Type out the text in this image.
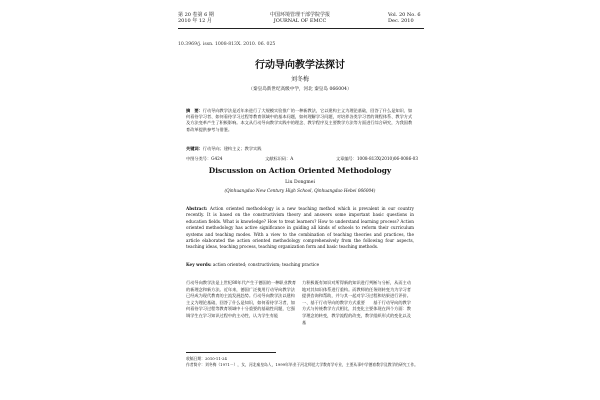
第 20 卷第 6 期
2010 年 12 月
中国环境管理干部学院学报
JOURNAL OF EMCC
Vol. 20 No. 6
Dec. 2010
10.3969/j. issn. 1008-813X. 2010. 06. 025
行动导向教学法探讨
刘冬梅
（秦皇岛新世纪高级中学，河北 秦皇岛 066004）
摘　要：行动导向教学法是近年来进行了大规模实验推广的一种新教法，它以建构主义为理论基础，回答了什么是知识、如何看待学习者、如何看待学习过程等教育领域中的基本问题，如何理解学习问题，对培养各类学习者的课程体系、教学方式及方法变革产生了积极影响。本文从行动导向教学实践中的理念、教学程序及主要教学方法等方面进行综合研究，为我国教育改革提供参考与借鉴。
关键词：行动导向；建构主义；教学实践
中图分类号：G424	文献标识码：A	文章编号：1008-813X(2010)06-0086-03
Discussion on Action Oriented Methodology
Liu Dongmei
(Qinhuangdao New Century High School, Qinhuangdao Hebei 066004)
Abstract: Action oriented methodology is a new teaching method which is prevalent in our country recently. It is based on the constructivism theory and answers some important basic questions in education fields. What is knowledge? How to treat learners? How to understand learning process? Action oriented methodology has active significance in guiding all kinds of schools to reform their curriculum systems and teaching modes. With a view to the combination of teaching theories and practices, the article elaborated the action oriented methodology comprehensively from the following four aspects, teaching ideas, teaching process, teaching organization form and basic teaching methods.
Key words: action oriented; constructivism; teaching practice
行动导向教学法是上世纪80年代产生于德国的一种职业教育的新理念和新方法。近年来，德国广泛使用行动导向教学法已经成为现代教育的主流发展趋势。行动导向教学法以建构主义为理论基础，回答了什么是知识，如何看待学习者，如何看待学习过程等教育领域中十分重要的基础性问题，它强调学生在学习知识过程中的主动性，认为学生有能
力积极既有知识对所得新的知识进行判断与分析，从而主动地对其知识体系进行重构。而教师的任务则转变为为学习者提供咨询和帮助，并与其一起对学习过程和结果进行评价。一、基于行动导向的教学方式重要　　基于行动导向的教学方式与传统教学方式相比，其变化主要体现在四个方面：教学理念的转变，教学流程的改变，教学组织形式的变化以及基
收稿日期：2010-11-24
作者简介：刘冬梅（1971－），女，河北秦皇岛人，1999年毕业于河北师范大学教育学专业，主要从事中学德育教学及教学的研究工作。
